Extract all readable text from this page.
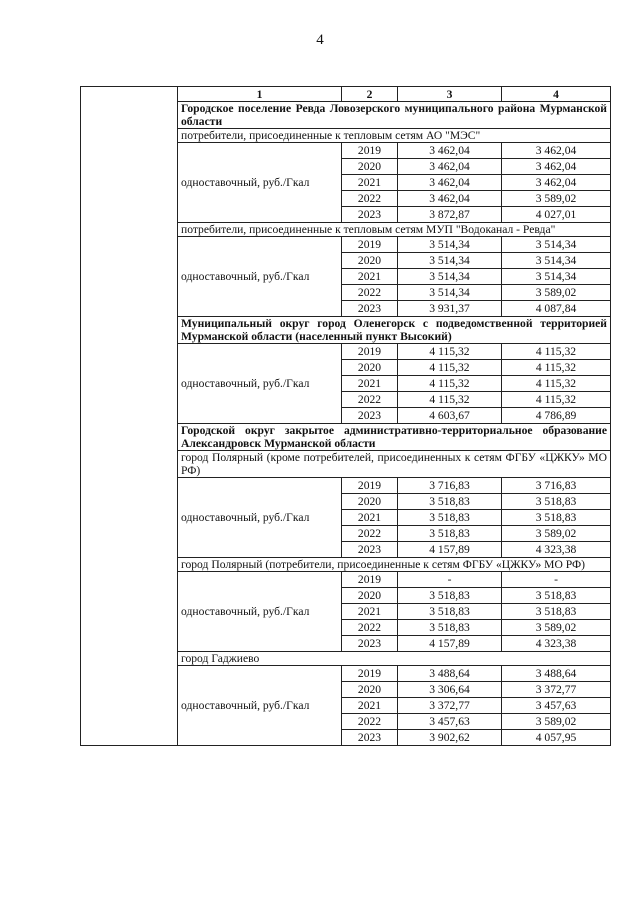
4
	1	2	3	4
	Городское поселение Ревда Ловозерского муниципального района Мурманской области			
	потребители, присоединенные к тепловым сетям АО "МЭС"			
	одноставочный, руб./Гкал	2019	3 462,04	3 462,04
		2020	3 462,04	3 462,04
		2021	3 462,04	3 462,04
		2022	3 462,04	3 589,02
		2023	3 872,87	4 027,01
	потребители, присоединенные к тепловым сетям МУП "Водоканал - Ревда"			
	одноставочный, руб./Гкал	2019	3 514,34	3 514,34
		2020	3 514,34	3 514,34
		2021	3 514,34	3 514,34
		2022	3 514,34	3 589,02
		2023	3 931,37	4 087,84
	Муниципальный округ город Оленегорск с подведомственной территорией Мурманской области (населенный пункт Высокий)			
	одноставочный, руб./Гкал	2019	4 115,32	4 115,32
		2020	4 115,32	4 115,32
		2021	4 115,32	4 115,32
		2022	4 115,32	4 115,32
		2023	4 603,67	4 786,89
	Городской округ закрытое административно-территориальное образование Александровск Мурманской области			
	город Полярный (кроме потребителей, присоединенных к сетям ФГБУ «ЦЖКУ» МО РФ)			
	одноставочный, руб./Гкал	2019	3 716,83	3 716,83
		2020	3 518,83	3 518,83
		2021	3 518,83	3 518,83
		2022	3 518,83	3 589,02
		2023	4 157,89	4 323,38
	город Полярный (потребители, присоединенные к сетям ФГБУ «ЦЖКУ» МО РФ)			
	одноставочный, руб./Гкал	2019	-	-
		2020	3 518,83	3 518,83
		2021	3 518,83	3 518,83
		2022	3 518,83	3 589,02
		2023	4 157,89	4 323,38
	город Гаджиево			
	одноставочный, руб./Гкал	2019	3 488,64	3 488,64
		2020	3 306,64	3 372,77
		2021	3 372,77	3 457,63
		2022	3 457,63	3 589,02
		2023	3 902,62	4 057,95
